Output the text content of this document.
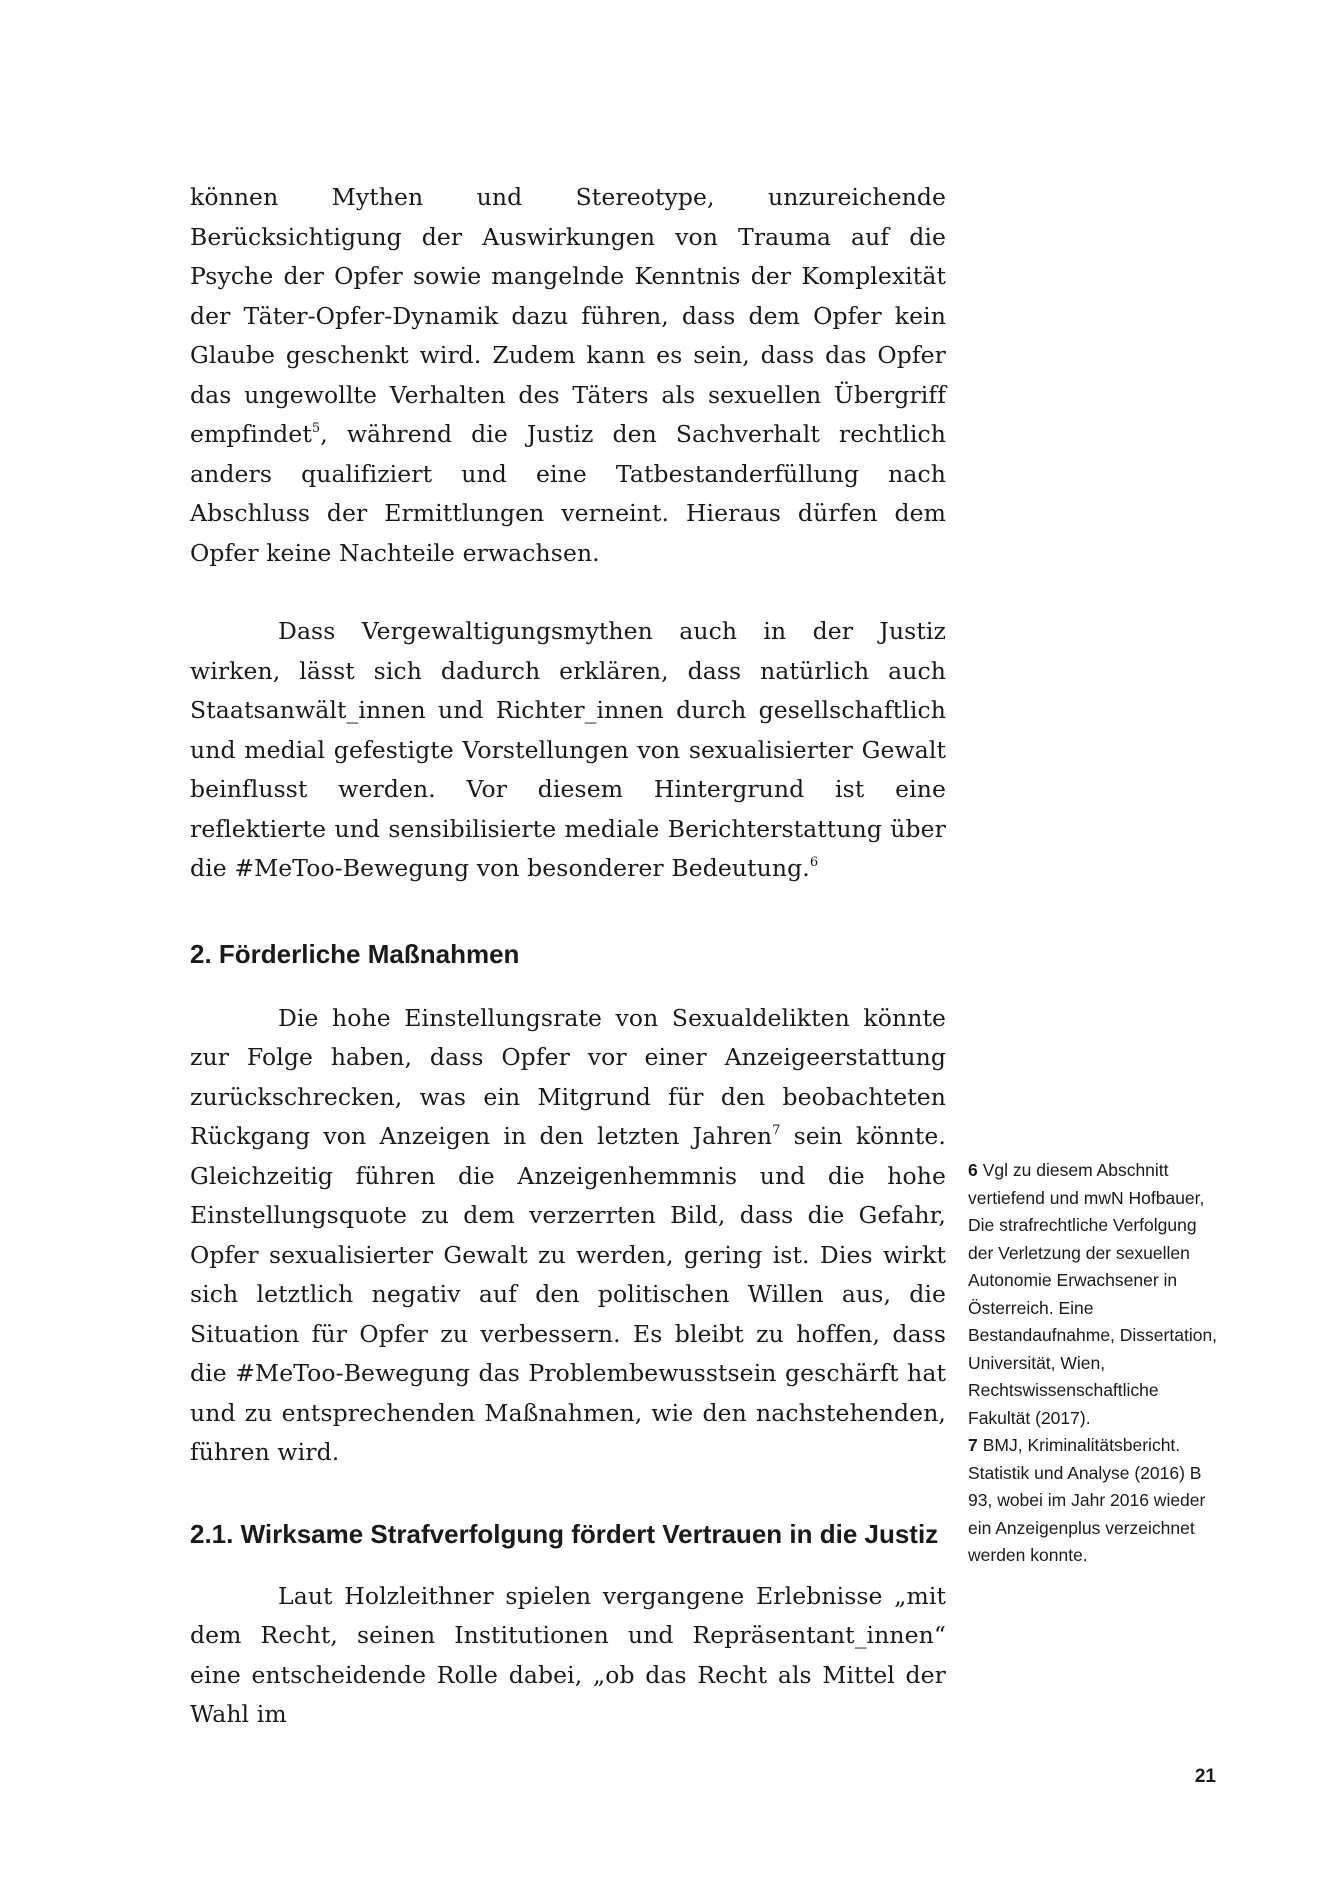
können Mythen und Stereotype, unzureichende Berücksichtigung der Auswirkungen von Trauma auf die Psyche der Opfer sowie mangelnde Kenntnis der Komplexität der Täter-Opfer-Dynamik dazu führen, dass dem Opfer kein Glaube geschenkt wird. Zudem kann es sein, dass das Opfer das ungewollte Verhalten des Täters als sexuellen Übergriff empfindet$^5$, während die Justiz den Sachverhalt rechtlich anders qualifiziert und eine Tatbestanderfüllung nach Abschluss der Ermittlungen verneint. Hieraus dürfen dem Opfer keine Nachteile erwachsen.

Dass Vergewaltigungsmythen auch in der Justiz wirken, lässt sich dadurch erklären, dass natürlich auch Staatsanwält_innen und Richter_innen durch gesellschaftlich und medial gefestigte Vorstellungen von sexualisierter Gewalt beinflusst werden. Vor diesem Hintergrund ist eine reflektierte und sensibilisierte mediale Berichterstattung über die #MeToo-Bewegung von besonderer Bedeutung.$^6$

2. Förderliche Maßnahmen

Die hohe Einstellungsrate von Sexualdelikten könnte zur Folge haben, dass Opfer vor einer Anzeigeerstattung zurückschrecken, was ein Mitgrund für den beobachteten Rückgang von Anzeigen in den letzten Jahren$^7$ sein könnte. Gleichzeitig führen die Anzeigenhemmnis und die hohe Einstellungsquote zu dem verzerrten Bild, dass die Gefahr, Opfer sexualisierter Gewalt zu werden, gering ist. Dies wirkt sich letztlich negativ auf den politischen Willen aus, die Situation für Opfer zu verbessern. Es bleibt zu hoffen, dass die #MeToo-Bewegung das Problembewusstsein geschärft hat und zu entsprechenden Maßnahmen, wie den nachstehenden, führen wird.

2.1. Wirksame Strafverfolgung fördert Vertrauen in die Justiz

Laut Holzleithner spielen vergangene Erlebnisse „mit dem Recht, seinen Institutionen und Repräsentant_innen“ eine entscheidende Rolle dabei, „ob das Recht als Mittel der Wahl im

6 Vgl zu diesem Abschnitt vertiefend und mwN Hofbauer, Die strafrechtliche Verfolgung der Verletzung der sexuellen Autonomie Erwachsener in Österreich. Eine Bestandaufnahme, Dissertation, Universität, Wien, Rechtswissenschaftliche Fakultät (2017).

7 BMJ, Kriminalitätsbericht. Statistik und Analyse (2016) B 93, wobei im Jahr 2016 wieder ein Anzeigenplus verzeichnet werden konnte.

21
